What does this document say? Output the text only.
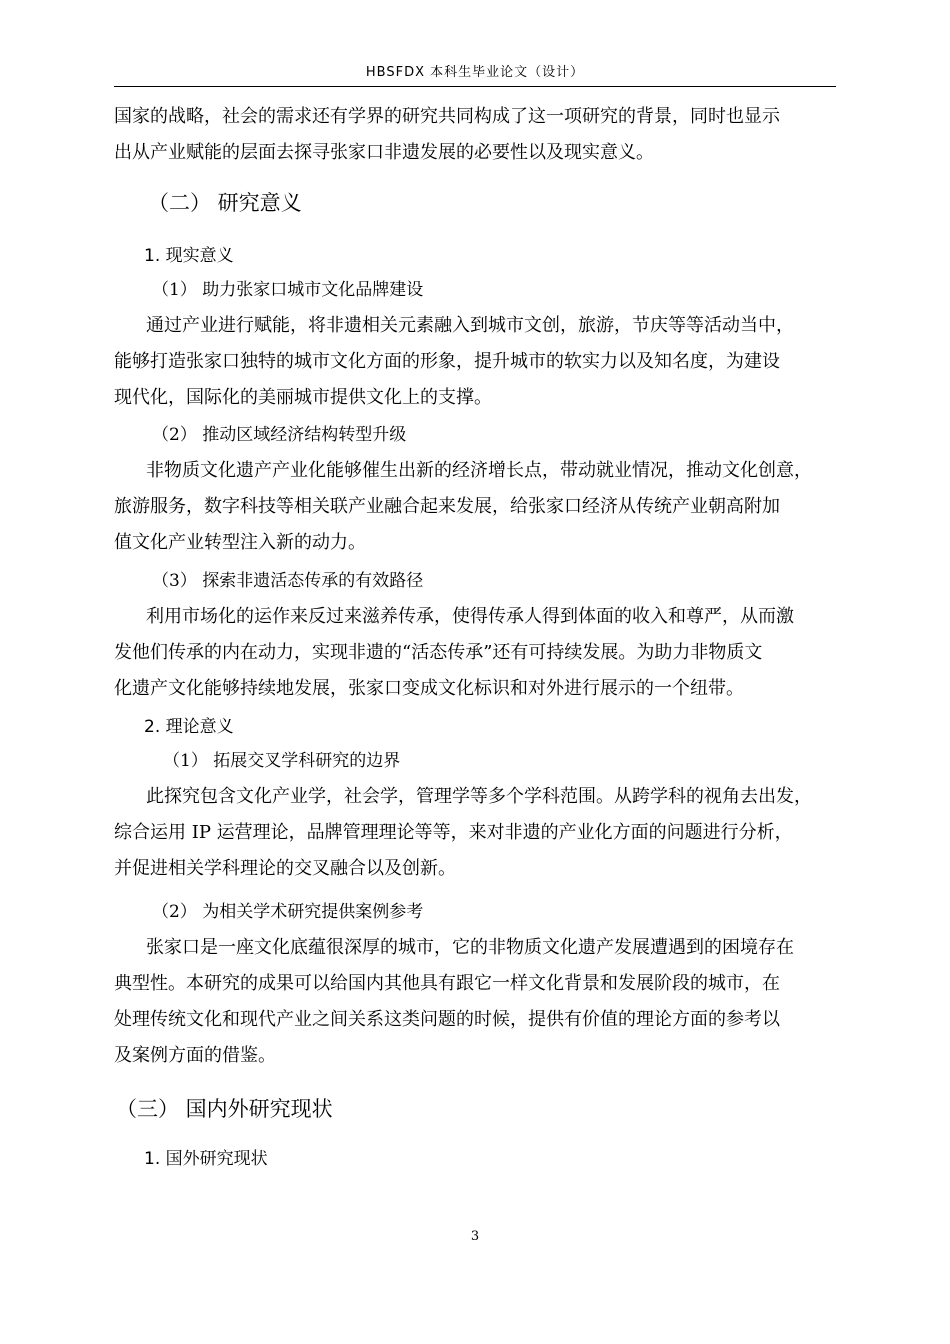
HBSFDX 本科生毕业论文（设计）

国家的战略，社会的需求还有学界的研究共同构成了这一项研究的背景，同时也显示

出从产业赋能的层面去探寻张家口非遗发展的必要性以及现实意义。

（二） 研究意义

1. 现实意义

（1） 助力张家口城市文化品牌建设

通过产业进行赋能，将非遗相关元素融入到城市文创，旅游，节庆等等活动当中，

能够打造张家口独特的城市文化方面的形象，提升城市的软实力以及知名度，为建设

现代化，国际化的美丽城市提供文化上的支撑。

（2） 推动区域经济结构转型升级

非物质文化遗产产业化能够催生出新的经济增长点，带动就业情况，推动文化创意，

旅游服务，数字科技等相关联产业融合起来发展，给张家口经济从传统产业朝高附加

值文化产业转型注入新的动力。

（3） 探索非遗活态传承的有效路径

利用市场化的运作来反过来滋养传承，使得传承人得到体面的收入和尊严，从而激

发他们传承的内在动力，实现非遗的“活态传承”还有可持续发展。为助力非物质文

化遗产文化能够持续地发展，张家口变成文化标识和对外进行展示的一个纽带。

2. 理论意义

（1） 拓展交叉学科研究的边界

此探究包含文化产业学，社会学，管理学等多个学科范围。从跨学科的视角去出发，

综合运用 IP 运营理论，品牌管理理论等等，来对非遗的产业化方面的问题进行分析，

并促进相关学科理论的交叉融合以及创新。

（2） 为相关学术研究提供案例参考

张家口是一座文化底蕴很深厚的城市，它的非物质文化遗产发展遭遇到的困境存在

典型性。本研究的成果可以给国内其他具有跟它一样文化背景和发展阶段的城市，在

处理传统文化和现代产业之间关系这类问题的时候，提供有价值的理论方面的参考以

及案例方面的借鉴。

（三） 国内外研究现状

1. 国外研究现状

3
